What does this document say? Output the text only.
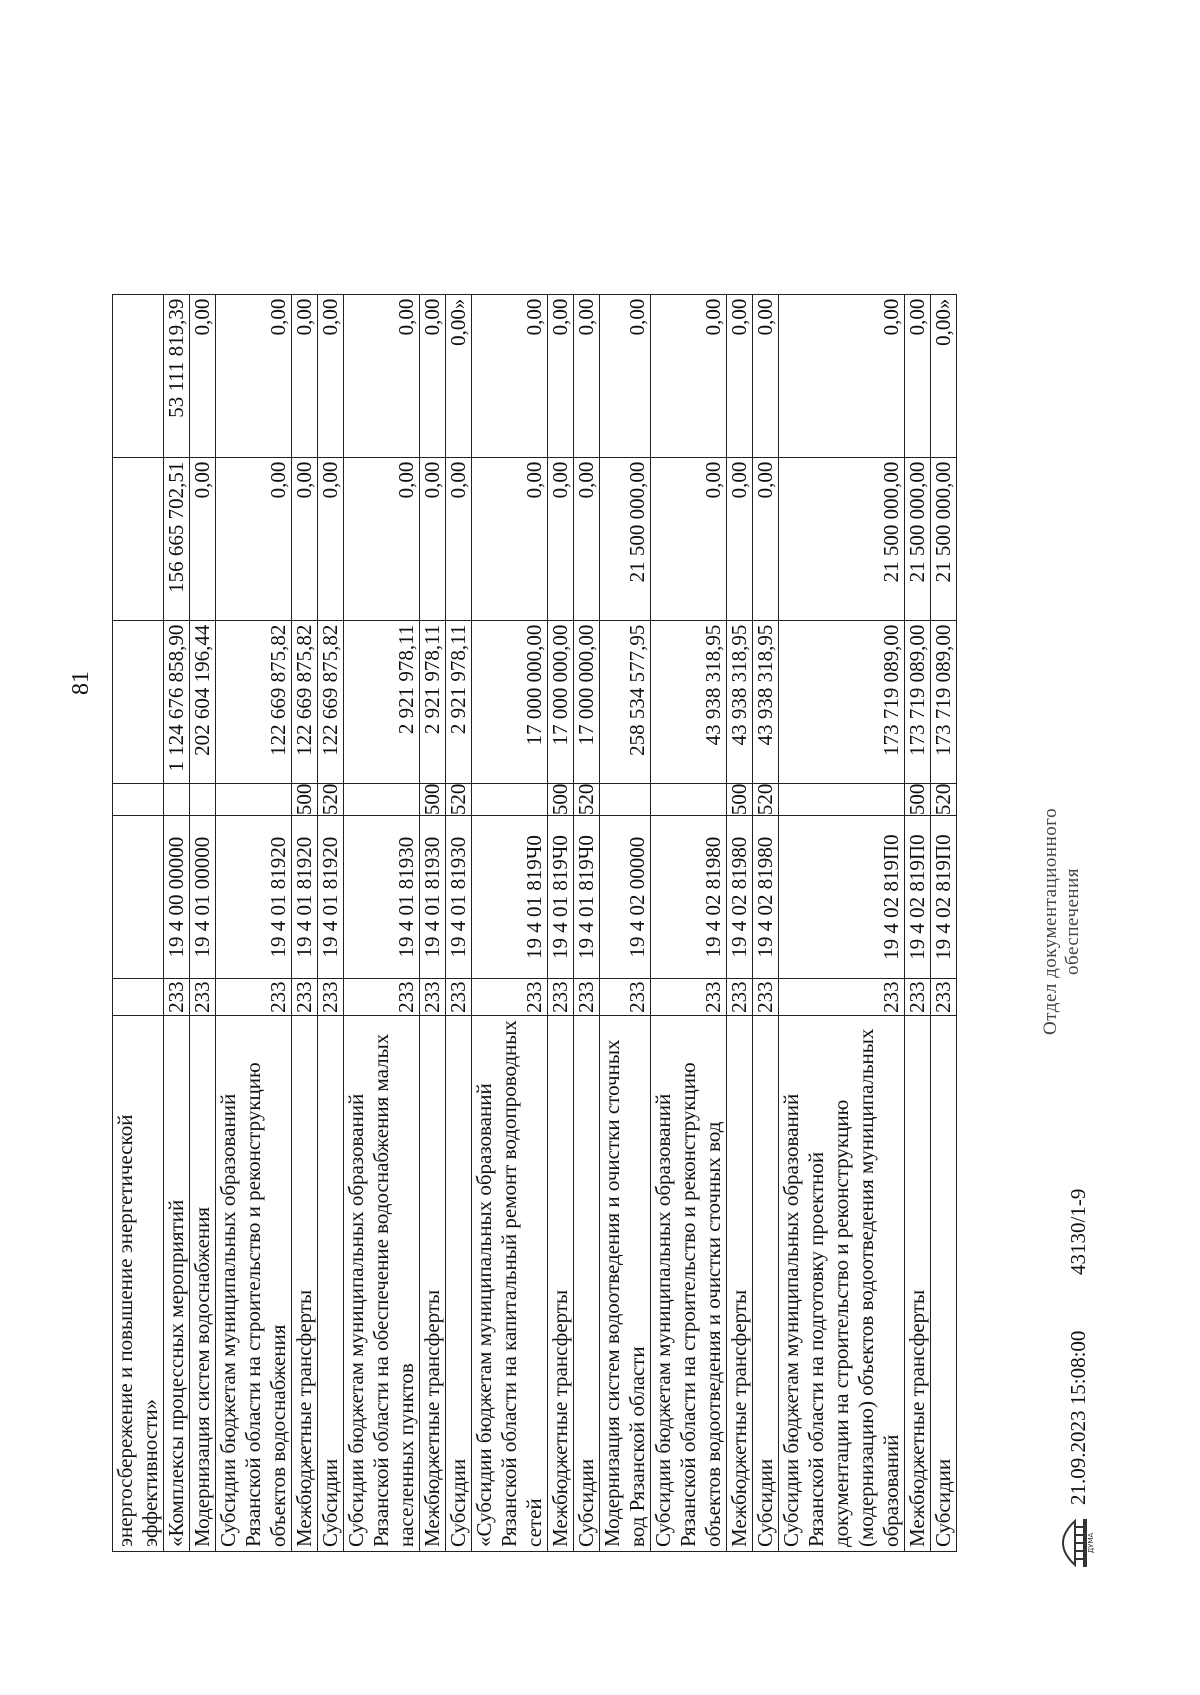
81
энергосбережение и повышение энергетической эффективности»						

«Комплексы процессных мероприятий	233	19 4 00 00000		1 124 676 858,90	156 665 702,51	53 111 819,39

Модернизация систем водоснабжения	233	19 4 01 00000		202 604 196,44	0,00	0,00

Субсидии бюджетам муниципальных образований Рязанской области на строительство и реконструкцию объектов водоснабжения	233	19 4 01 81920		122 669 875,82	0,00	0,00

Межбюджетные трансферты	233	19 4 01 81920	500	122 669 875,82	0,00	0,00

Субсидии	233	19 4 01 81920	520	122 669 875,82	0,00	0,00

Субсидии бюджетам муниципальных образований Рязанской области на обеспечение водоснабжения малых населенных пунктов	233	19 4 01 81930		2 921 978,11	0,00	0,00

Межбюджетные трансферты	233	19 4 01 81930	500	2 921 978,11	0,00	0,00

Субсидии	233	19 4 01 81930	520	2 921 978,11	0,00	0,00»

«Субсидии бюджетам муниципальных образований Рязанской области на капитальный ремонт водопроводных сетей	233	19 4 01 819Ч0		17 000 000,00	0,00	0,00

Межбюджетные трансферты	233	19 4 01 819Ч0	500	17 000 000,00	0,00	0,00

Субсидии	233	19 4 01 819Ч0	520	17 000 000,00	0,00	0,00

Модернизация систем водоотведения и очистки сточных вод Рязанской области	233	19 4 02 00000		258 534 577,95	21 500 000,00	0,00

Субсидии бюджетам муниципальных образований Рязанской области на строительство и реконструкцию объектов водоотведения и очистки сточных вод	233	19 4 02 81980		43 938 318,95	0,00	0,00

Межбюджетные трансферты	233	19 4 02 81980	500	43 938 318,95	0,00	0,00

Субсидии	233	19 4 02 81980	520	43 938 318,95	0,00	0,00

Субсидии бюджетам муниципальных образований Рязанской области на подготовку проектной документации на строительство и реконструкцию (модернизацию) объектов водоотведения муниципальных образований	233	19 4 02 819П0		173 719 089,00	21 500 000,00	0,00

Межбюджетные трансферты	233	19 4 02 819П0	500	173 719 089,00	21 500 000,00	0,00

Субсидии	233	19 4 02 819П0	520	173 719 089,00	21 500 000,00	0,00»
ДУМА
21.09.2023 15:08:00
43130/1-9
Отдел документационного обеспечения
